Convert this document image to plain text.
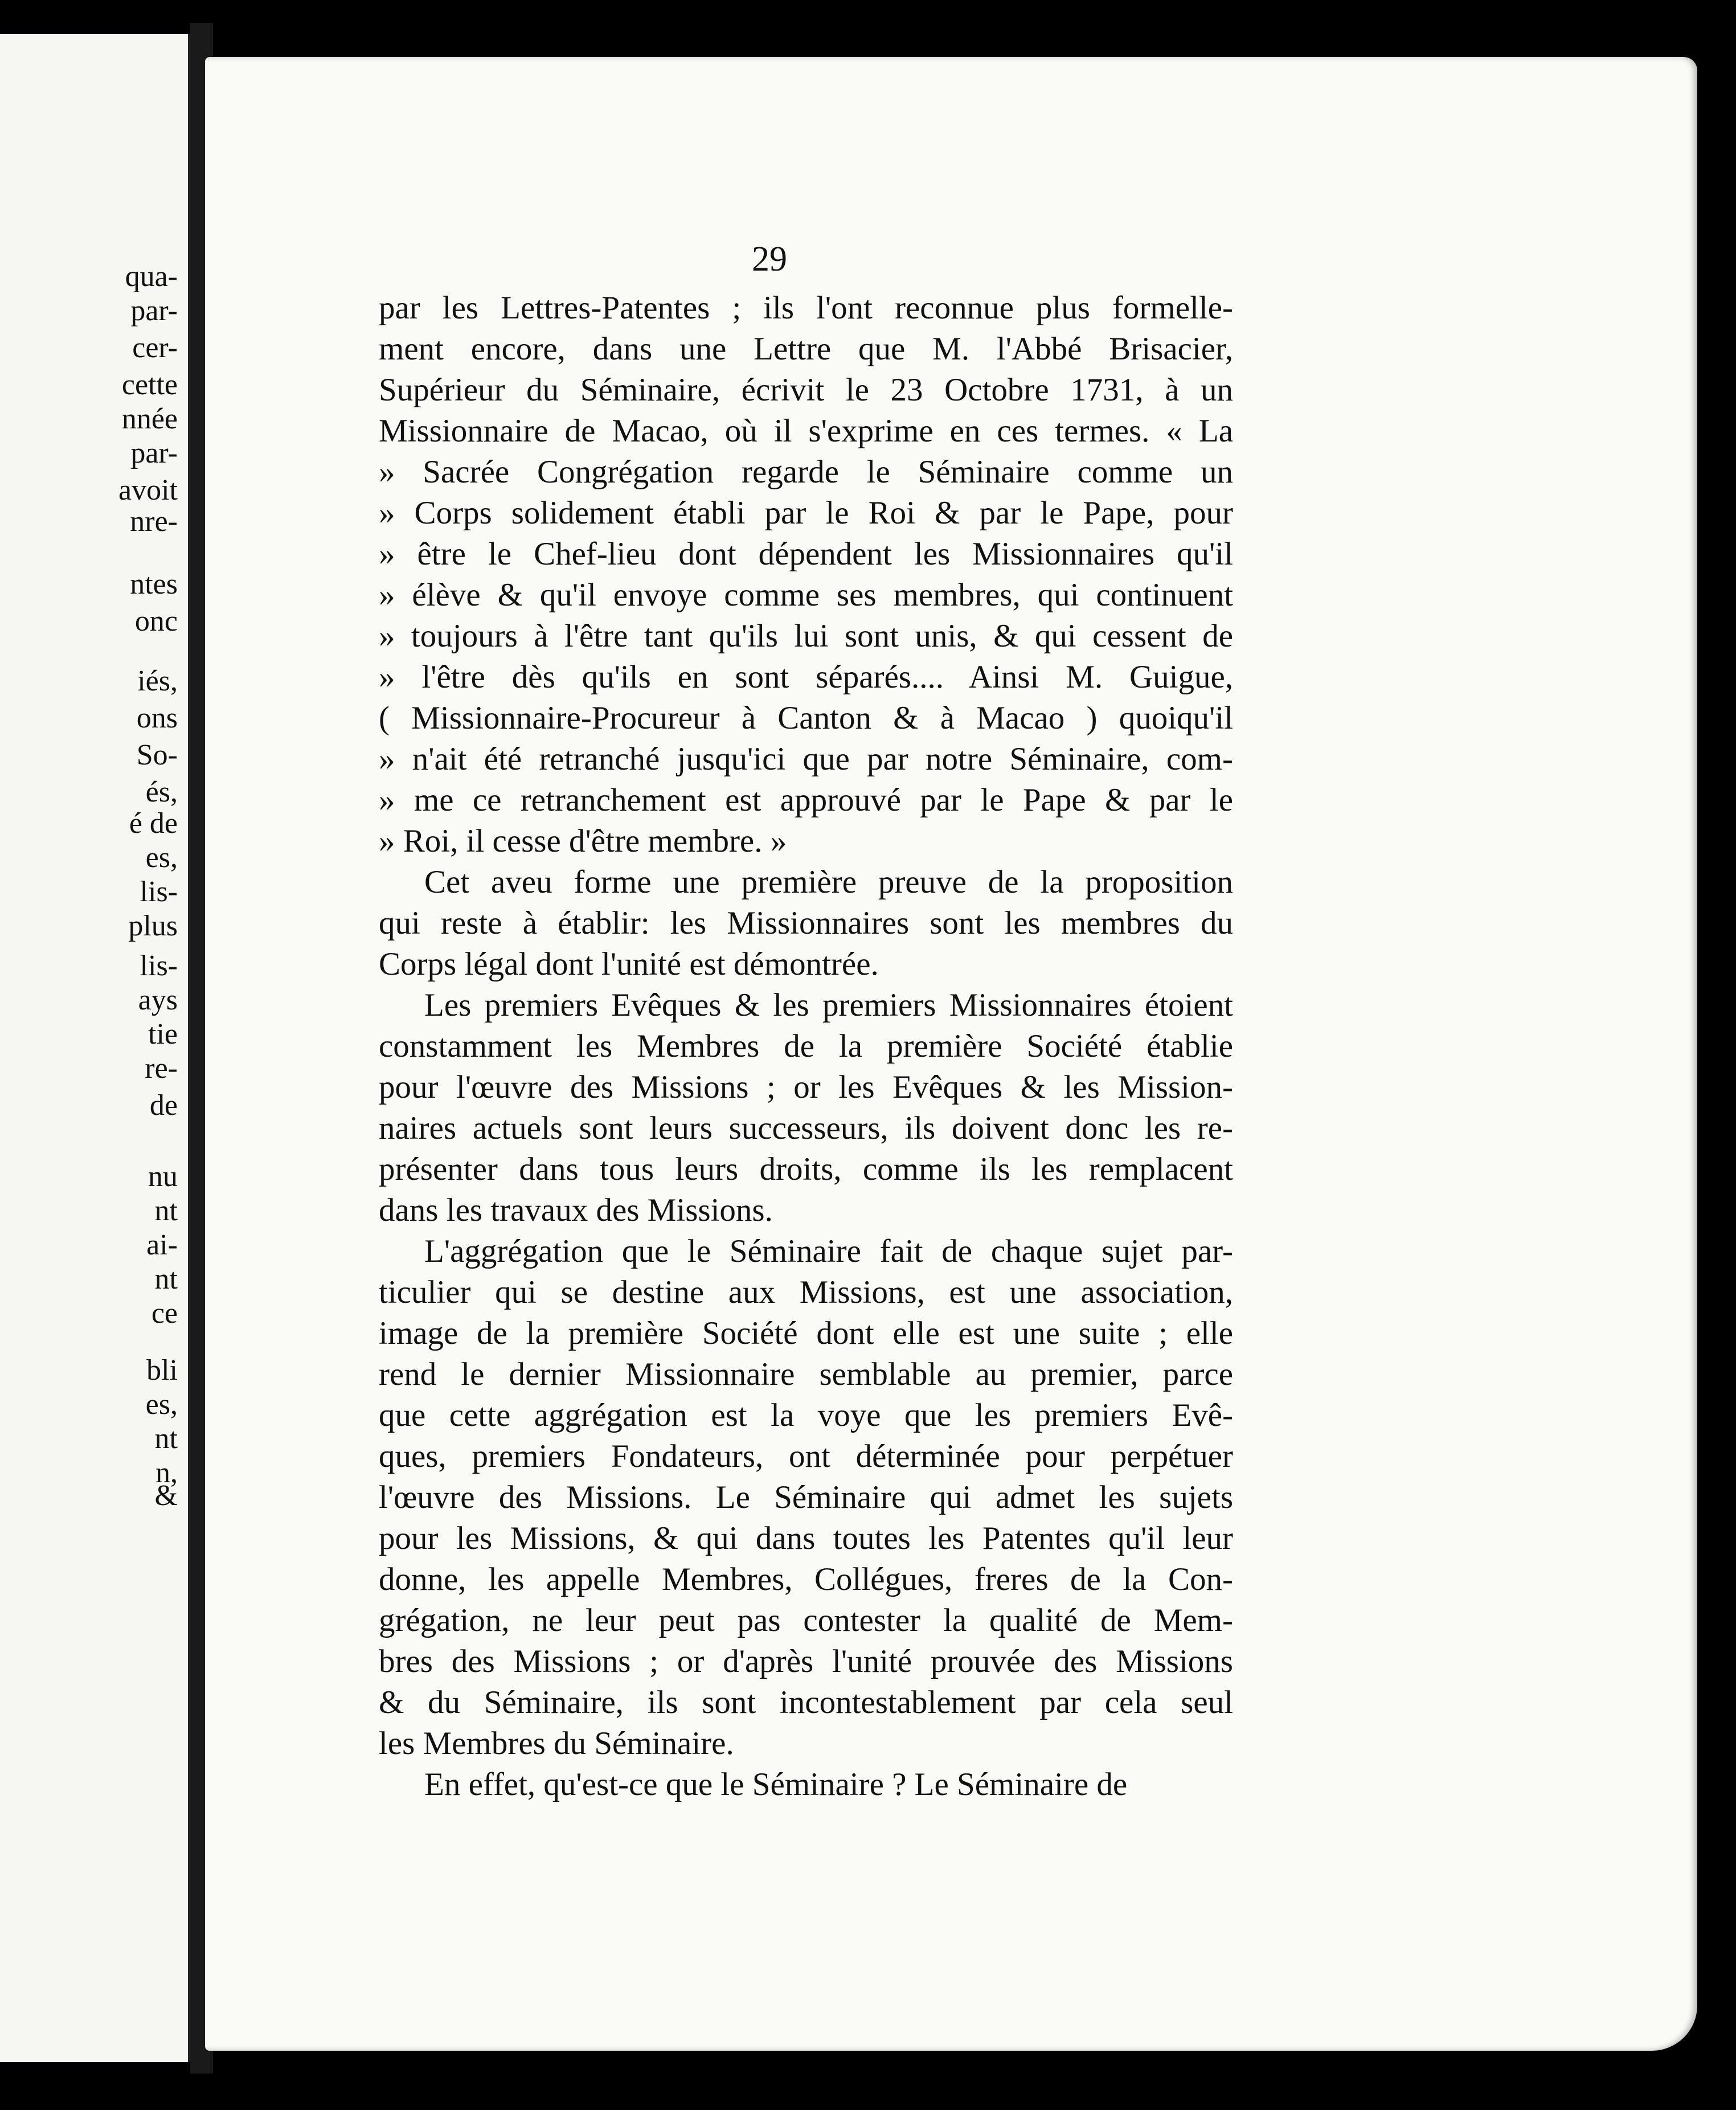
qua-
par-
cer-
cette
nnée
par-
avoit
nre-
ntes
onc
iés,
ons
So-
és,
é de
es,
lis-
plus
lis-
ays
tie
re-
de
nu
nt
ai-
nt
ce
bli
es,
nt
n,
&
29
par les Lettres-Patentes ; ils l'ont reconnue plus formelle-
ment encore, dans une Lettre que M. l'Abbé Brisacier,
Supérieur du Séminaire, écrivit le 23 Octobre 1731, à un
Missionnaire de Macao, où il s'exprime en ces termes. « La
» Sacrée Congrégation regarde le Séminaire comme un
» Corps solidement établi par le Roi & par le Pape, pour
» être le Chef-lieu dont dépendent les Missionnaires qu'il
» élève & qu'il envoye comme ses membres, qui continuent
» toujours à l'être tant qu'ils lui sont unis, & qui cessent de
» l'être dès qu'ils en sont séparés.... Ainsi M. Guigue,
( Missionnaire-Procureur à Canton & à Macao ) quoiqu'il
» n'ait été retranché jusqu'ici que par notre Séminaire, com-
» me ce retranchement est approuvé par le Pape & par le
» Roi, il cesse d'être membre. »
Cet aveu forme une première preuve de la proposition
qui reste à établir: les Missionnaires sont les membres du
Corps légal dont l'unité est démontrée.
Les premiers Evêques & les premiers Missionnaires étoient
constamment les Membres de la première Société établie
pour l'œuvre des Missions ; or les Evêques & les Mission-
naires actuels sont leurs successeurs, ils doivent donc les re-
présenter dans tous leurs droits, comme ils les remplacent
dans les travaux des Missions.
L'aggrégation que le Séminaire fait de chaque sujet par-
ticulier qui se destine aux Missions, est une association,
image de la première Société dont elle est une suite ; elle
rend le dernier Missionnaire semblable au premier, parce
que cette aggrégation est la voye que les premiers Evê-
ques, premiers Fondateurs, ont déterminée pour perpétuer
l'œuvre des Missions. Le Séminaire qui admet les sujets
pour les Missions, & qui dans toutes les Patentes qu'il leur
donne, les appelle Membres, Collégues, freres de la Con-
grégation, ne leur peut pas contester la qualité de Mem-
bres des Missions ; or d'après l'unité prouvée des Missions
& du Séminaire, ils sont incontestablement par cela seul
les Membres du Séminaire.
En effet, qu'est-ce que le Séminaire ? Le Séminaire de
